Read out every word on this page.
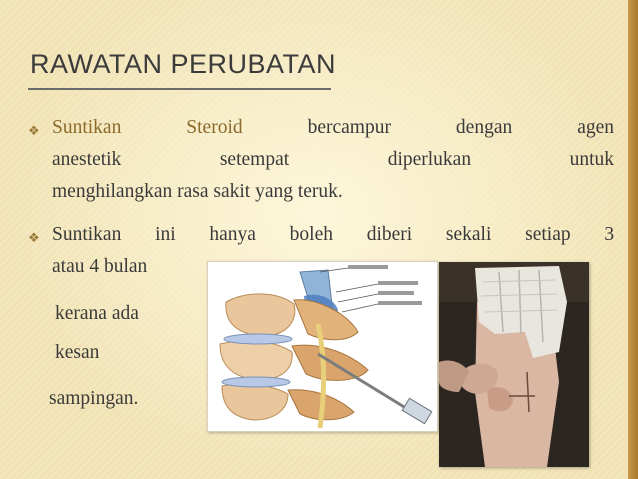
RAWATAN PERUBATAN
❖ Suntikan	Steroid	bercampur	dengan	agen
anestetik	setempat	diperlukan	untuk
menghilangkan rasa sakit yang teruk.
❖ Suntikan ini hanya boleh diberi sekali setiap 3
atau 4 bulan
kerana ada
kesan
sampingan.
